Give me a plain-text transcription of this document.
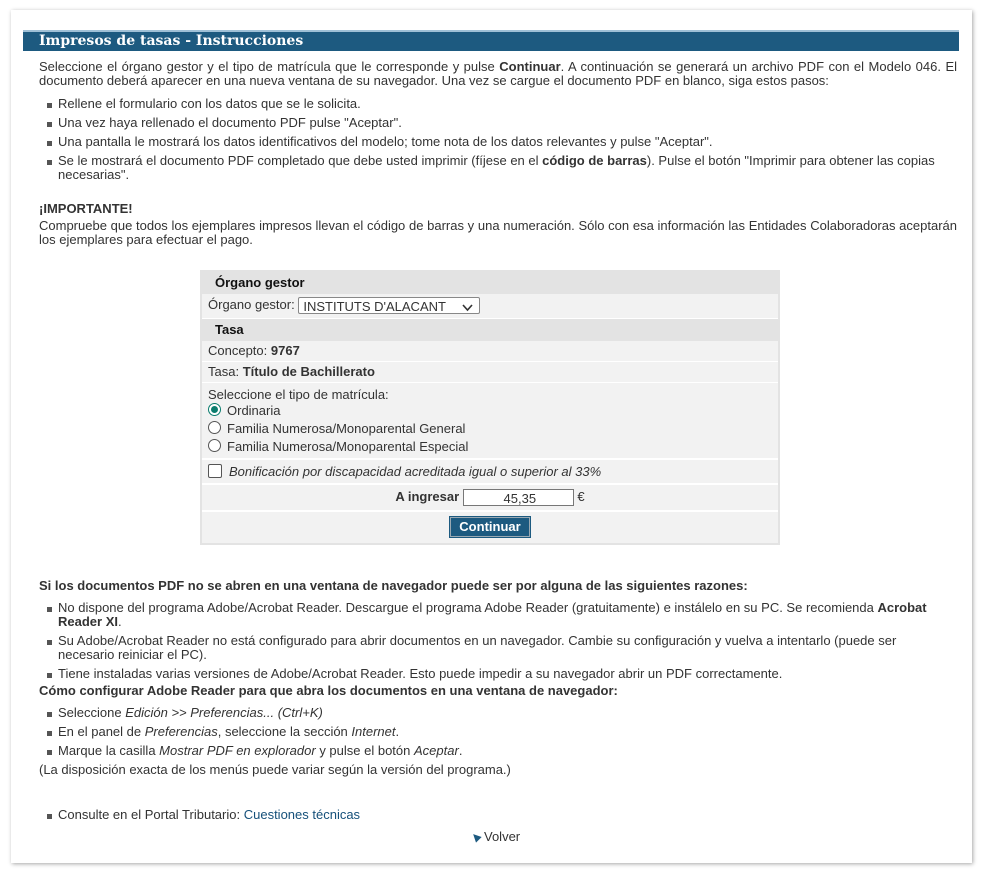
Impresos de tasas - Instrucciones

Seleccione el órgano gestor y el tipo de matrícula que le corresponde y pulse Continuar. A continuación se generará un archivo PDF con el Modelo 046. El documento deberá aparecer en una nueva ventana de su navegador. Una vez se cargue el documento PDF en blanco, siga estos pasos:

Rellene el formulario con los datos que se le solicita.
Una vez haya rellenado el documento PDF pulse "Aceptar".
Una pantalla le mostrará los datos identificativos del modelo; tome nota de los datos relevantes y pulse "Aceptar".
Se le mostrará el documento PDF completado que debe usted imprimir (fíjese en el código de barras). Pulse el botón "Imprimir para obtener las copias necesarias".

¡IMPORTANTE!

Compruebe que todos los ejemplares impresos llevan el código de barras y una numeración. Sólo con esa información las Entidades Colaboradoras aceptarán los ejemplares para efectuar el pago.

Órgano gestor
Órgano gestor: INSTITUTS D'ALACANT
Tasa
Concepto: 9767
Tasa: Título de Bachillerato
Seleccione el tipo de matrícula:
Ordinaria
Familia Numerosa/Monoparental General
Familia Numerosa/Monoparental Especial
Bonificación por discapacidad acreditada igual o superior al 33%
A ingresar	45,35	€
Continuar

Si los documentos PDF no se abren en una ventana de navegador puede ser por alguna de las siguientes razones:

No dispone del programa Adobe/Acrobat Reader. Descargue el programa Adobe Reader (gratuitamente) e instálelo en su PC. Se recomienda Acrobat Reader XI.
Su Adobe/Acrobat Reader no está configurado para abrir documentos en un navegador. Cambie su configuración y vuelva a intentarlo (puede ser necesario reiniciar el PC).
Tiene instaladas varias versiones de Adobe/Acrobat Reader. Esto puede impedir a su navegador abrir un PDF correctamente.

Cómo configurar Adobe Reader para que abra los documentos en una ventana de navegador:

Seleccione Edición >> Preferencias... (Ctrl+K)
En el panel de Preferencias, seleccione la sección Internet.
Marque la casilla Mostrar PDF en explorador y pulse el botón Aceptar.

(La disposición exacta de los menús puede variar según la versión del programa.)

Consulte en el Portal Tributario: Cuestiones técnicas
Volver
